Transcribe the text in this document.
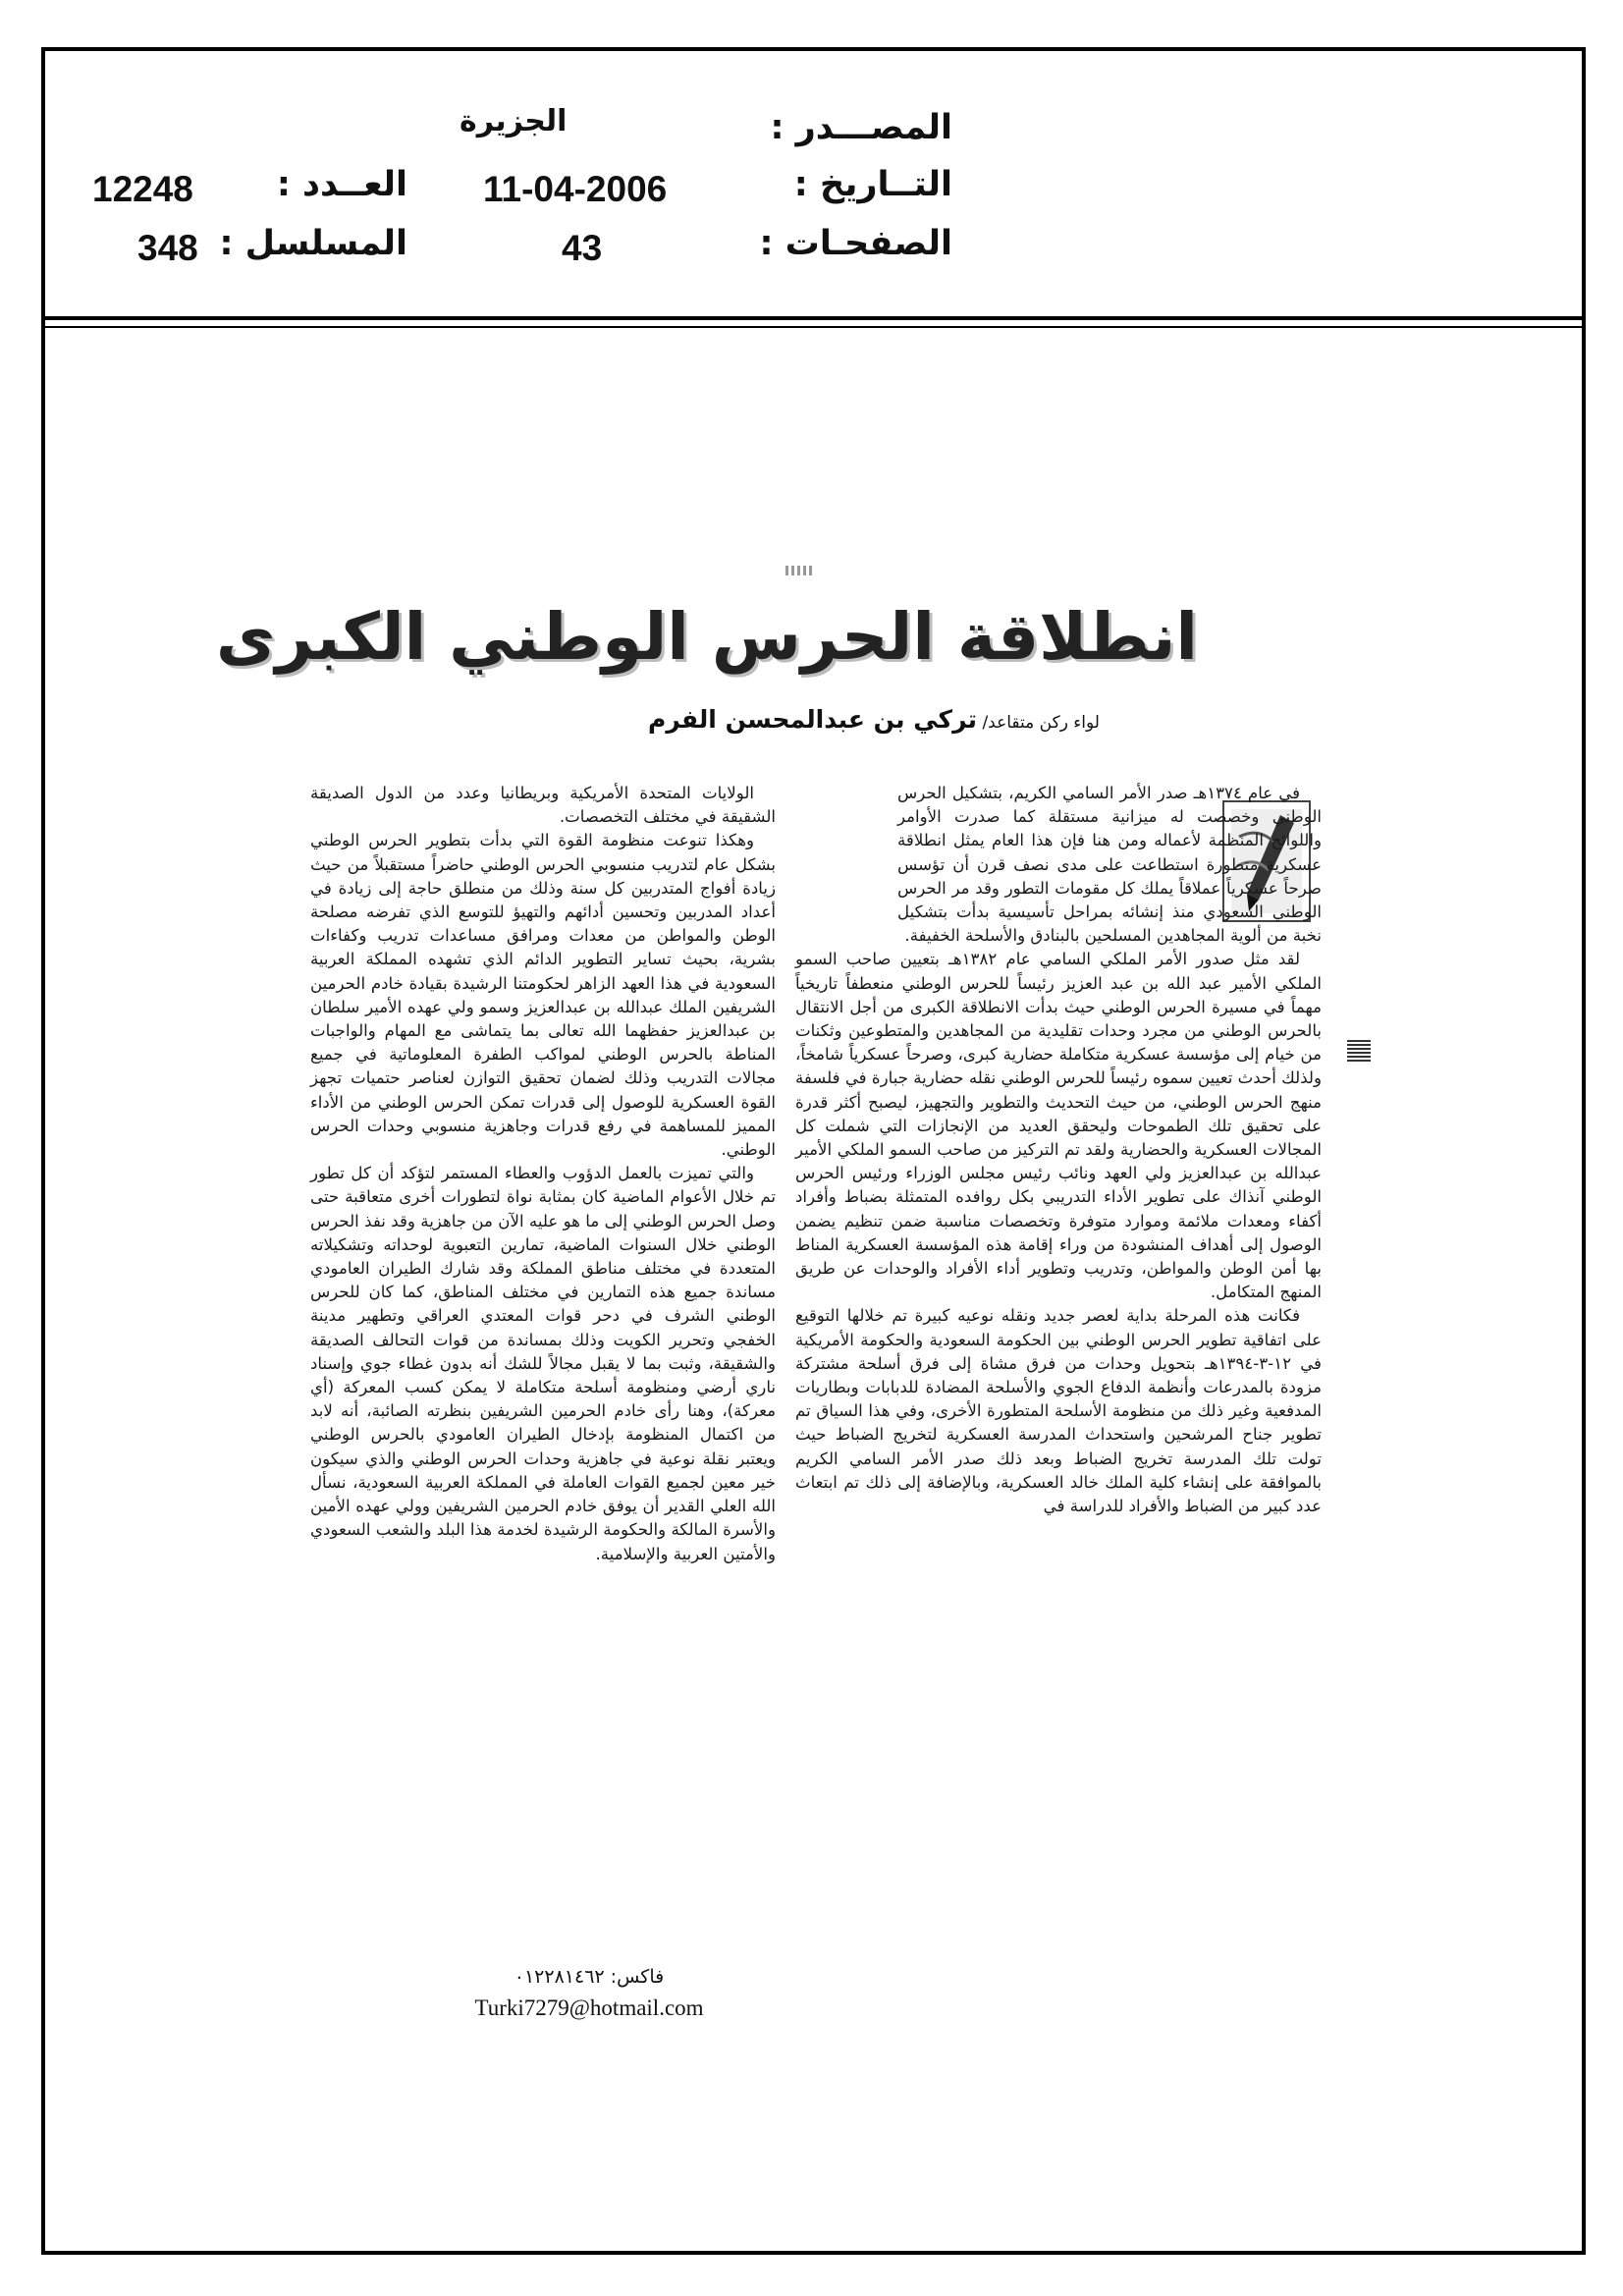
المصـــدر :
التــاريخ :
الصفحـات :
العــدد :
المسلسل :
الجزيرة
11-04-2006
43
12248
348
انطلاقة الحرس الوطني الكبرى
لواء ركن متقاعد/ تركي بن عبدالمحسن الفرم

في عام ١٣٧٤هـ صدر الأمر السامي الكريم، بتشكيل الحرس الوطني وخصصت له ميزانية مستقلة كما صدرت الأوامر واللوائح المنظمة لأعماله ومن هنا فإن هذا العام يمثل انطلاقة عسكرية متطورة استطاعت على مدى نصف قرن أن تؤسس صرحاً عسكرياً عملاقاً يملك كل مقومات التطور وقد مر الحرس الوطني السعودي منذ إنشائه بمراحل تأسيسية بدأت بتشكيل نخبة من ألوية المجاهدين المسلحين بالبنادق والأسلحة الخفيفة.

لقد مثل صدور الأمر الملكي السامي عام ١٣٨٢هـ بتعيين صاحب السمو الملكي الأمير عبد الله بن عبد العزيز رئيساً للحرس الوطني منعطفاً تاريخياً مهماً في مسيرة الحرس الوطني حيث بدأت الانطلاقة الكبرى من أجل الانتقال بالحرس الوطني من مجرد وحدات تقليدية من المجاهدين والمتطوعين وثكنات من خيام إلى مؤسسة عسكرية متكاملة حضارية كبرى، وصرحاً عسكرياً شامخاً، ولذلك أحدث تعيين سموه رئيساً للحرس الوطني نقله حضارية جبارة في فلسفة منهج الحرس الوطني، من حيث التحديث والتطوير والتجهيز، ليصبح أكثر قدرة على تحقيق تلك الطموحات وليحقق العديد من الإنجازات التي شملت كل المجالات العسكرية والحضارية ولقد تم التركيز من صاحب السمو الملكي الأمير عبدالله بن عبدالعزيز ولي العهد ونائب رئيس مجلس الوزراء ورئيس الحرس الوطني آنذاك على تطوير الأداء التدريبي بكل روافده المتمثلة بضباط وأفراد أكفاء ومعدات ملائمة وموارد متوفرة وتخصصات مناسبة ضمن تنظيم يضمن الوصول إلى أهداف المنشودة من وراء إقامة هذه المؤسسة العسكرية المناط بها أمن الوطن والمواطن، وتدريب وتطوير أداء الأفراد والوحدات عن طريق المنهج المتكامل.

فكانت هذه المرحلة بداية لعصر جديد ونقله نوعيه كبيرة تم خلالها التوقيع على اتفاقية تطوير الحرس الوطني بين الحكومة السعودية والحكومة الأمريكية في ١٢-٣-١٣٩٤هـ بتحويل وحدات من فرق مشاة إلى فرق أسلحة مشتركة مزودة بالمدرعات وأنظمة الدفاع الجوي والأسلحة المضادة للدبابات وبطاريات المدفعية وغير ذلك من منظومة الأسلحة المتطورة الأخرى، وفي هذا السياق تم تطوير جناح المرشحين واستحداث المدرسة العسكرية لتخريج الضباط حيث تولت تلك المدرسة تخريج الضباط وبعد ذلك صدر الأمر السامي الكريم بالموافقة على إنشاء كلية الملك خالد العسكرية، وبالإضافة إلى ذلك تم ابتعاث عدد كبير من الضباط والأفراد للدراسة في

الولايات المتحدة الأمريكية وبريطانيا وعدد من الدول الصديقة الشقيقة في مختلف التخصصات.

وهكذا تنوعت منظومة القوة التي بدأت بتطوير الحرس الوطني بشكل عام لتدريب منسوبي الحرس الوطني حاضراً مستقبلاً من حيث زيادة أفواج المتدربين كل سنة وذلك من منطلق حاجة إلى زيادة في أعداد المدربين وتحسين أدائهم والتهيؤ للتوسع الذي تفرضه مصلحة الوطن والمواطن من معدات ومرافق مساعدات تدريب وكفاءات بشرية، بحيث تساير التطوير الدائم الذي تشهده المملكة العربية السعودية في هذا العهد الزاهر لحكومتنا الرشيدة بقيادة خادم الحرمين الشريفين الملك عبدالله بن عبدالعزيز وسمو ولي عهده الأمير سلطان بن عبدالعزيز حفظهما الله تعالى بما يتماشى مع المهام والواجبات المناطة بالحرس الوطني لمواكب الطفرة المعلوماتية في جميع مجالات التدريب وذلك لضمان تحقيق التوازن لعناصر حتميات تجهز القوة العسكرية للوصول إلى قدرات تمكن الحرس الوطني من الأداء المميز للمساهمة في رفع قدرات وجاهزية منسوبي وحدات الحرس الوطني.

والتي تميزت بالعمل الدؤوب والعطاء المستمر لتؤكد أن كل تطور تم خلال الأعوام الماضية كان بمثابة نواة لتطورات أخرى متعاقبة حتى وصل الحرس الوطني إلى ما هو عليه الآن من جاهزية وقد نفذ الحرس الوطني خلال السنوات الماضية، تمارين التعبوية لوحداته وتشكيلاته المتعددة في مختلف مناطق المملكة وقد شارك الطيران العامودي مساندة جميع هذه التمارين في مختلف المناطق، كما كان للحرس الوطني الشرف في دحر قوات المعتدي العراقي وتطهير مدينة الخفجي وتحرير الكويت وذلك بمساندة من قوات التحالف الصديقة والشقيقة، وثبت بما لا يقبل مجالاً للشك أنه بدون غطاء جوي وإسناد ناري أرضي ومنظومة أسلحة متكاملة لا يمكن كسب المعركة (أي معركة)، وهنا رأى خادم الحرمين الشريفين بنظرته الصائبة، أنه لابد من اكتمال المنظومة بإدخال الطيران العامودي بالحرس الوطني ويعتبر نقلة نوعية في جاهزية وحدات الحرس الوطني والذي سيكون خير معين لجميع القوات العاملة في المملكة العربية السعودية، نسأل الله العلي القدير أن يوفق خادم الحرمين الشريفين وولي عهده الأمين والأسرة المالكة والحكومة الرشيدة لخدمة هذا البلد والشعب السعودي والأمتين العربية والإسلامية.

فاكس: ٠١٢٢٨١٤٦٢
Turki7279@hotmail.com
